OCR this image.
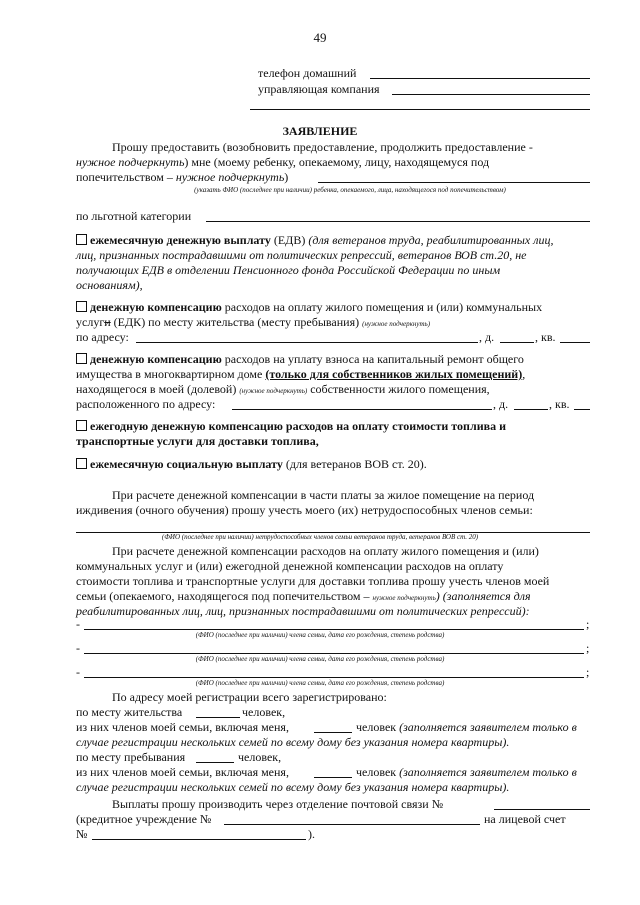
49
телефон домашний
управляющая компания
ЗАЯВЛЕНИЕ
Прошу предоставить (возобновить предоставление, продолжить предоставление -
нужное подчеркнуть) мне (моему ребенку, опекаемому, лицу, находящемуся под
попечительством – нужное подчеркнуть)
(указать ФИО (последнее при наличии) ребенка, опекаемого, лица, находящегося под попечительством)
по льготной категории
ежемесячную денежную выплату (ЕДВ) (для ветеранов труда, реабилитированных лиц,
лиц, признанных пострадавшими от политических репрессий, ветеранов ВОВ ст.20, не
получающих ЕДВ в отделении Пенсионного фонда Российской Федерации по иным
основаниям),
денежную компенсацию расходов на оплату жилого помещения и (или) коммунальных
услуги (ЕДК) по месту жительства (месту пребывания) (нужное подчеркнуть)
по адресу:	, д.	, кв.
денежную компенсацию расходов на уплату взноса на капитальный ремонт общего
имущества в многоквартирном доме (только для собственников жилых помещений),
находящегося в моей (долевой) (нужное подчеркнуть) собственности жилого помещения,
расположенного по адресу:	, д.	, кв.
ежегодную денежную компенсацию расходов на оплату стоимости топлива и
транспортные услуги для доставки топлива,
ежемесячную социальную выплату (для ветеранов ВОВ ст. 20).
При расчете денежной компенсации в части платы за жилое помещение на период
иждивения (очного обучения) прошу учесть моего (их) нетрудоспособных членов семьи:
(ФИО (последнее при наличии) нетрудоспособных членов семьи ветеранов труда, ветеранов ВОВ ст. 20)
При расчете денежной компенсации расходов на оплату жилого помещения и (или)
коммунальных услуг и (или) ежегодной денежной компенсации расходов на оплату
стоимости топлива и транспортные услуги для доставки топлива прошу учесть членов моей
семьи (опекаемого, находящегося под попечительством – нужное подчеркнуть) (заполняется для
реабилитированных лиц, лиц, признанных пострадавшими от политических репрессий):
-	;
(ФИО (последнее при наличии) члена семьи, дата его рождения, степень родства)
-	;
(ФИО (последнее при наличии) члена семьи, дата его рождения, степень родства)
-	;
(ФИО (последнее при наличии) члена семьи, дата его рождения, степень родства)
По адресу моей регистрации всего зарегистрировано:
по месту жительства	человек,
из них членов моей семьи, включая меня,	человек (заполняется заявителем только в
случае регистрации нескольких семей по всему дому без указания номера квартиры).
по месту пребывания	человек,
из них членов моей семьи, включая меня,	человек (заполняется заявителем только в
случае регистрации нескольких семей по всему дому без указания номера квартиры).
Выплаты прошу производить через отделение почтовой связи №
(кредитное учреждение №	на лицевой счет
№	).
